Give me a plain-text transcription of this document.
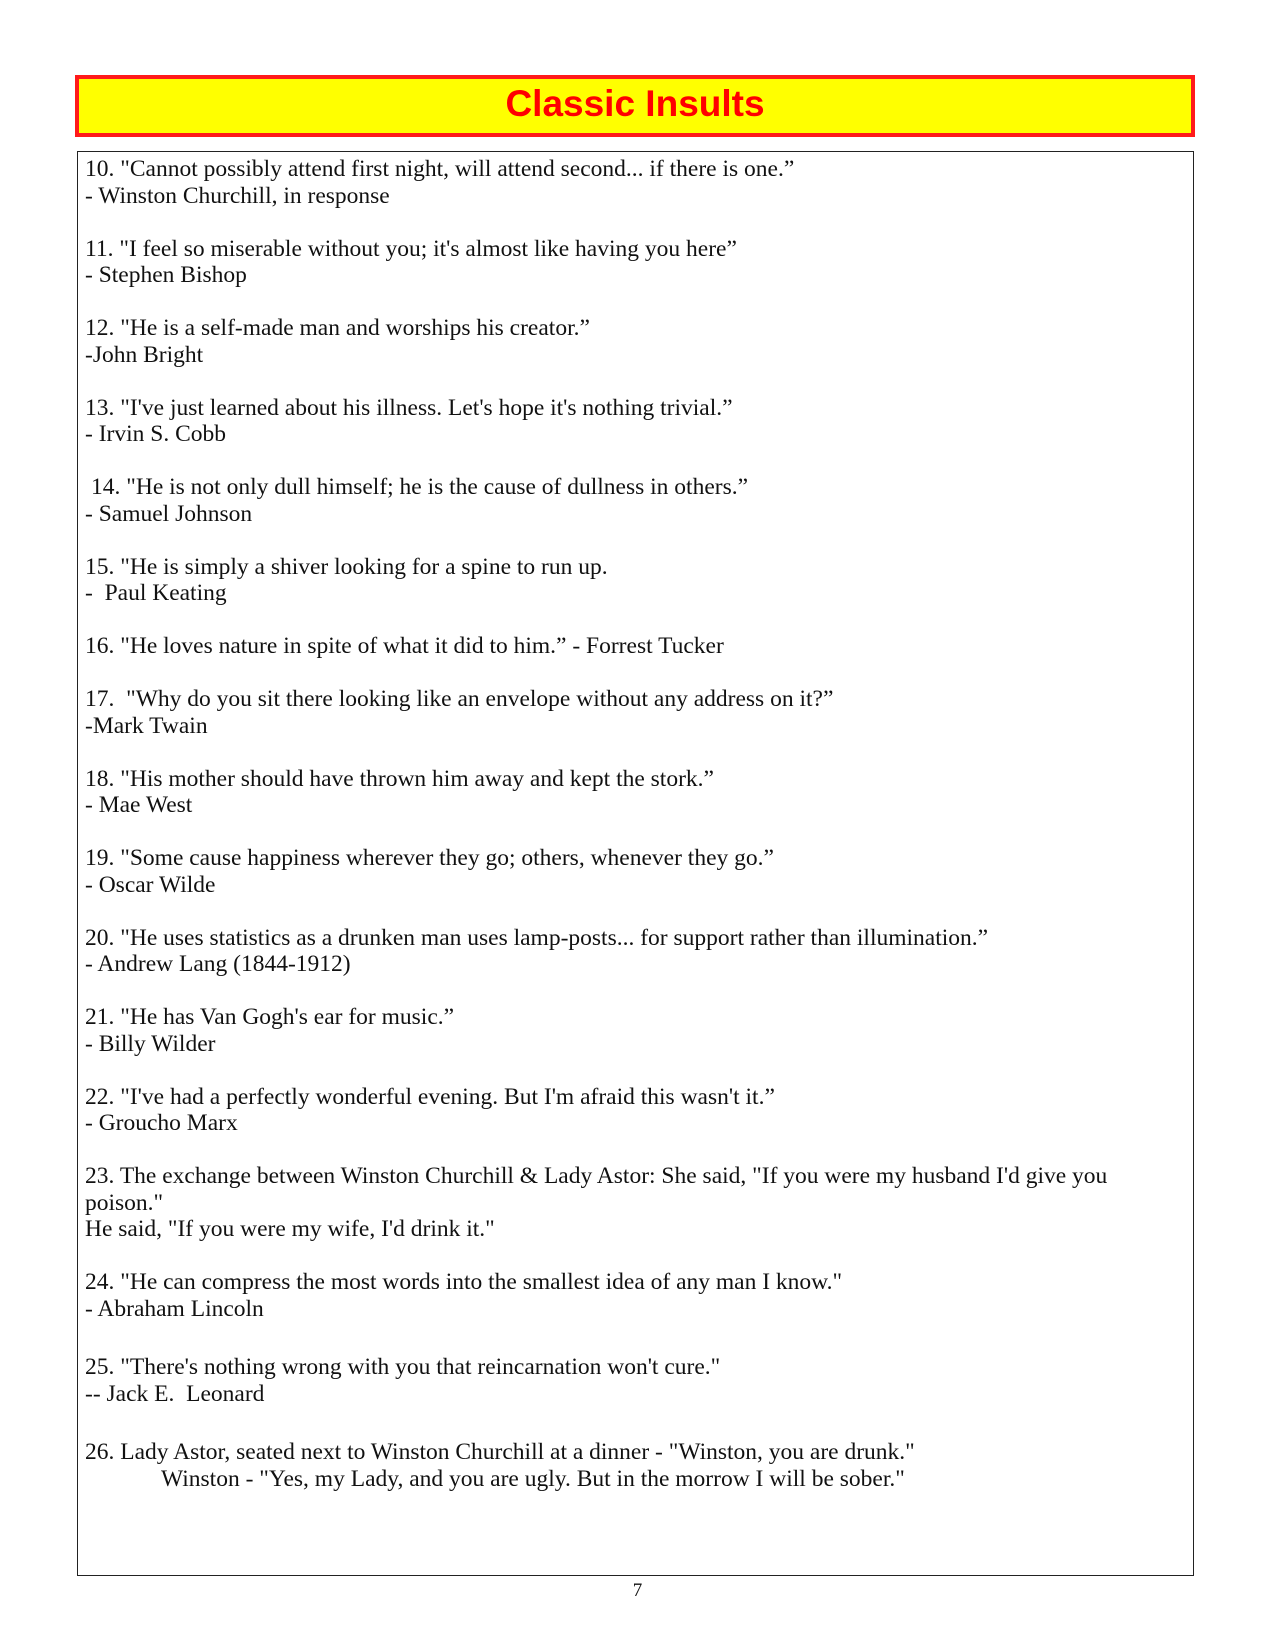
Classic Insults
10. "Cannot possibly attend first night, will attend second... if there is one.”
- Winston Churchill, in response
11. "I feel so miserable without you; it's almost like having you here”
- Stephen Bishop
12. "He is a self-made man and worships his creator.”
-John Bright
13. "I've just learned about his illness. Let's hope it's nothing trivial.”
- Irvin S. Cobb
14. "He is not only dull himself; he is the cause of dullness in others.”
- Samuel Johnson
15. "He is simply a shiver looking for a spine to run up.
-  Paul Keating
16. "He loves nature in spite of what it did to him.” - Forrest Tucker
17.  "Why do you sit there looking like an envelope without any address on it?”
-Mark Twain
18. "His mother should have thrown him away and kept the stork.”
- Mae West
19. "Some cause happiness wherever they go; others, whenever they go.”
- Oscar Wilde
20. "He uses statistics as a drunken man uses lamp-posts... for support rather than illumination.”
- Andrew Lang (1844-1912)
21. "He has Van Gogh's ear for music.”
- Billy Wilder
22. "I've had a perfectly wonderful evening. But I'm afraid this wasn't it.”
- Groucho Marx
23. The exchange between Winston Churchill & Lady Astor: She said, "If you were my husband I'd give you poison."
He said, "If you were my wife, I'd drink it."
24. "He can compress the most words into the smallest idea of any man I know."
- Abraham Lincoln
25. "There's nothing wrong with you that reincarnation won't cure."
-- Jack E.  Leonard
26. Lady Astor, seated next to Winston Churchill at a dinner - "Winston, you are drunk."
Winston - "Yes, my Lady, and you are ugly. But in the morrow I will be sober."
7
